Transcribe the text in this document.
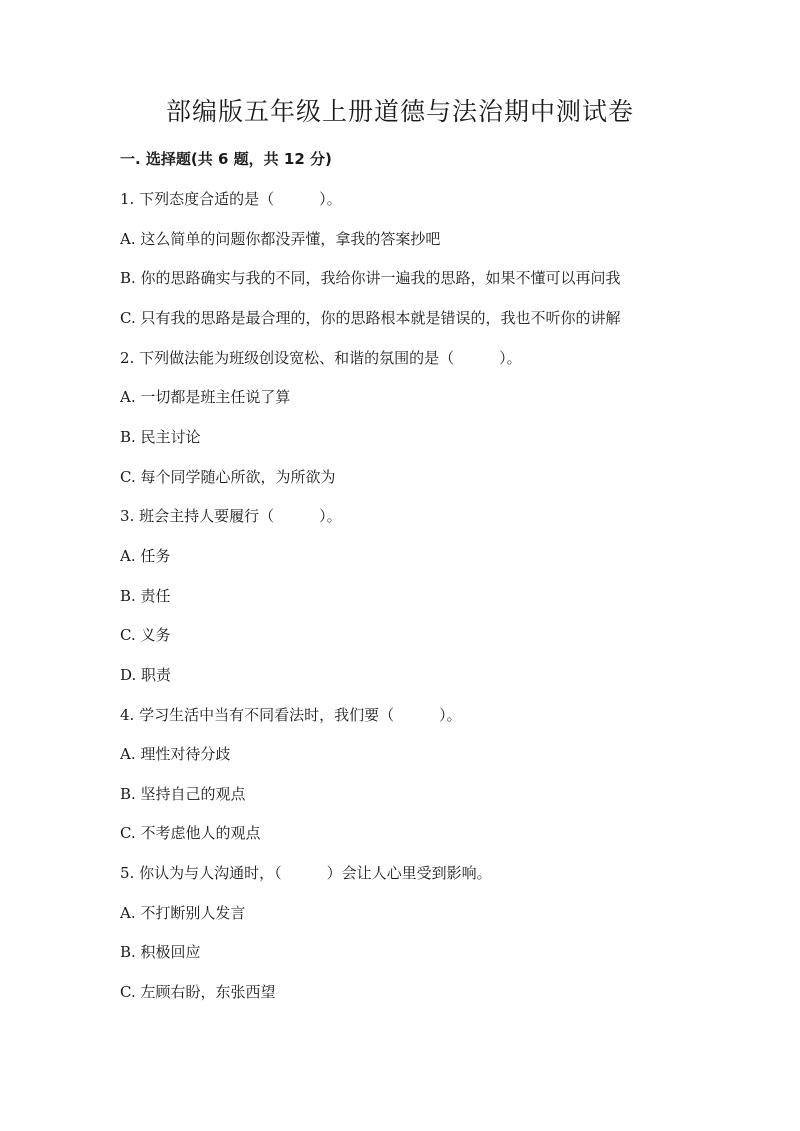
部编版五年级上册道德与法治期中测试卷
一. 选择题(共 6 题，共 12 分)
1. 下列态度合适的是（　　　）。
A. 这么简单的问题你都没弄懂，拿我的答案抄吧
B. 你的思路确实与我的不同，我给你讲一遍我的思路，如果不懂可以再问我
C. 只有我的思路是最合理的，你的思路根本就是错误的，我也不听你的讲解
2. 下列做法能为班级创设宽松、和谐的氛围的是（　　　）。
A. 一切都是班主任说了算
B. 民主讨论
C. 每个同学随心所欲，为所欲为
3. 班会主持人要履行（　　　）。
A. 任务
B. 责任
C. 义务
D. 职责
4. 学习生活中当有不同看法时，我们要（　　　）。
A. 理性对待分歧
B. 坚持自己的观点
C. 不考虑他人的观点
5. 你认为与人沟通时，（　　　）会让人心里受到影响。
A. 不打断别人发言
B. 积极回应
C. 左顾右盼，东张西望
